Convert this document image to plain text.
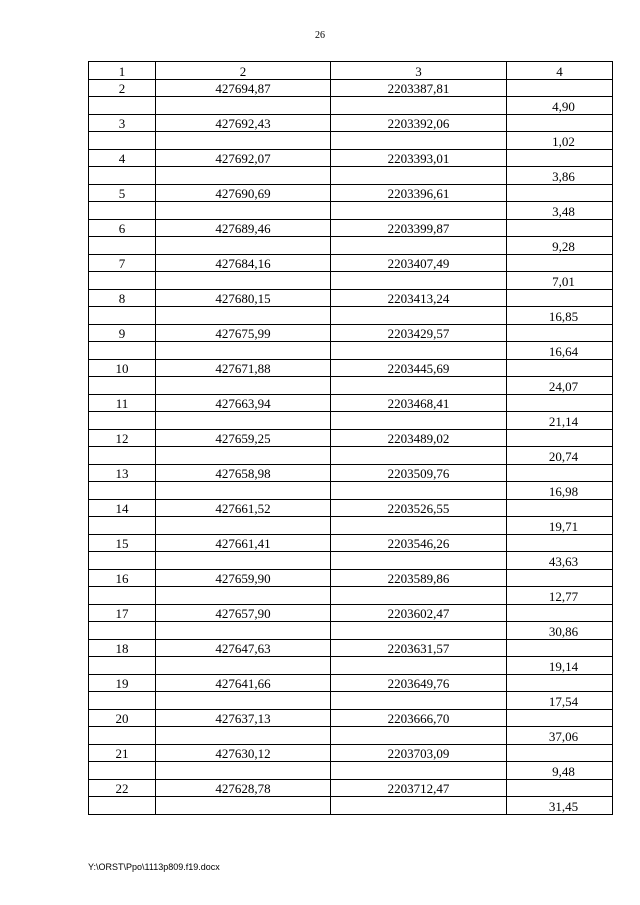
26
1	2	3	4
2	427694,87	2203387,81	
			4,90
3	427692,43	2203392,06	
			1,02
4	427692,07	2203393,01	
			3,86
5	427690,69	2203396,61	
			3,48
6	427689,46	2203399,87	
			9,28
7	427684,16	2203407,49	
			7,01
8	427680,15	2203413,24	
			16,85
9	427675,99	2203429,57	
			16,64
10	427671,88	2203445,69	
			24,07
11	427663,94	2203468,41	
			21,14
12	427659,25	2203489,02	
			20,74
13	427658,98	2203509,76	
			16,98
14	427661,52	2203526,55	
			19,71
15	427661,41	2203546,26	
			43,63
16	427659,90	2203589,86	
			12,77
17	427657,90	2203602,47	
			30,86
18	427647,63	2203631,57	
			19,14
19	427641,66	2203649,76	
			17,54
20	427637,13	2203666,70	
			37,06
21	427630,12	2203703,09	
			9,48
22	427628,78	2203712,47	
			31,45
Y:\ORST\Ppo\1113p809.f19.docx
